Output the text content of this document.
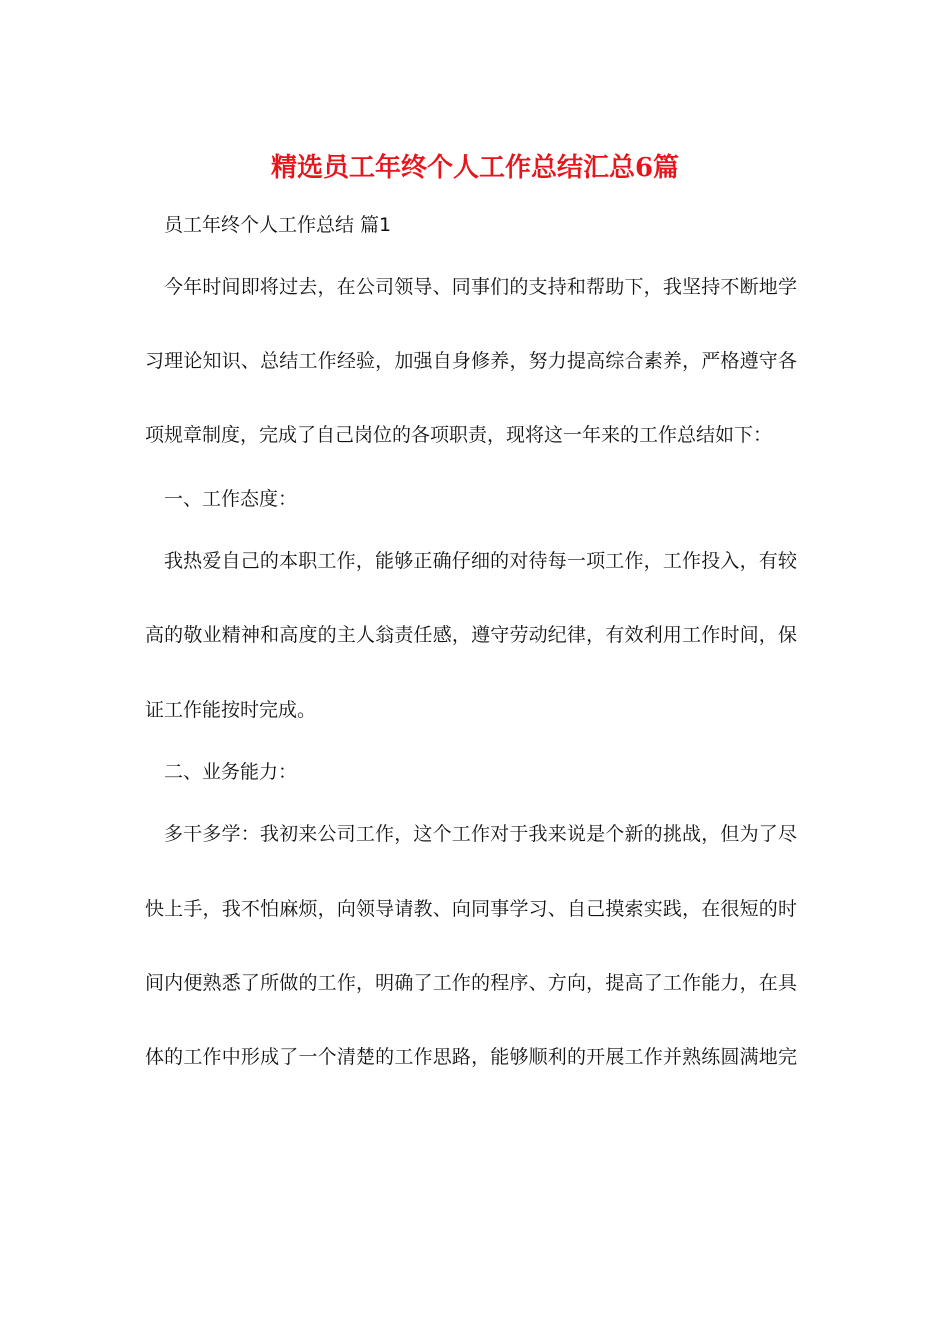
精选员工年终个人工作总结汇总6篇
员工年终个人工作总结 篇1
今年时间即将过去，在公司领导、同事们的支持和帮助下，我坚持不断地学
习理论知识、总结工作经验，加强自身修养，努力提高综合素养，严格遵守各
项规章制度，完成了自己岗位的各项职责，现将这一年来的工作总结如下：
一、工作态度：
我热爱自己的本职工作，能够正确仔细的对待每一项工作，工作投入，有较
高的敬业精神和高度的主人翁责任感，遵守劳动纪律，有效利用工作时间，保
证工作能按时完成。
二、业务能力：
多干多学：我初来公司工作，这个工作对于我来说是个新的挑战，但为了尽
快上手，我不怕麻烦，向领导请教、向同事学习、自己摸索实践，在很短的时
间内便熟悉了所做的工作，明确了工作的程序、方向，提高了工作能力，在具
体的工作中形成了一个清楚的工作思路，能够顺利的开展工作并熟练圆满地完
